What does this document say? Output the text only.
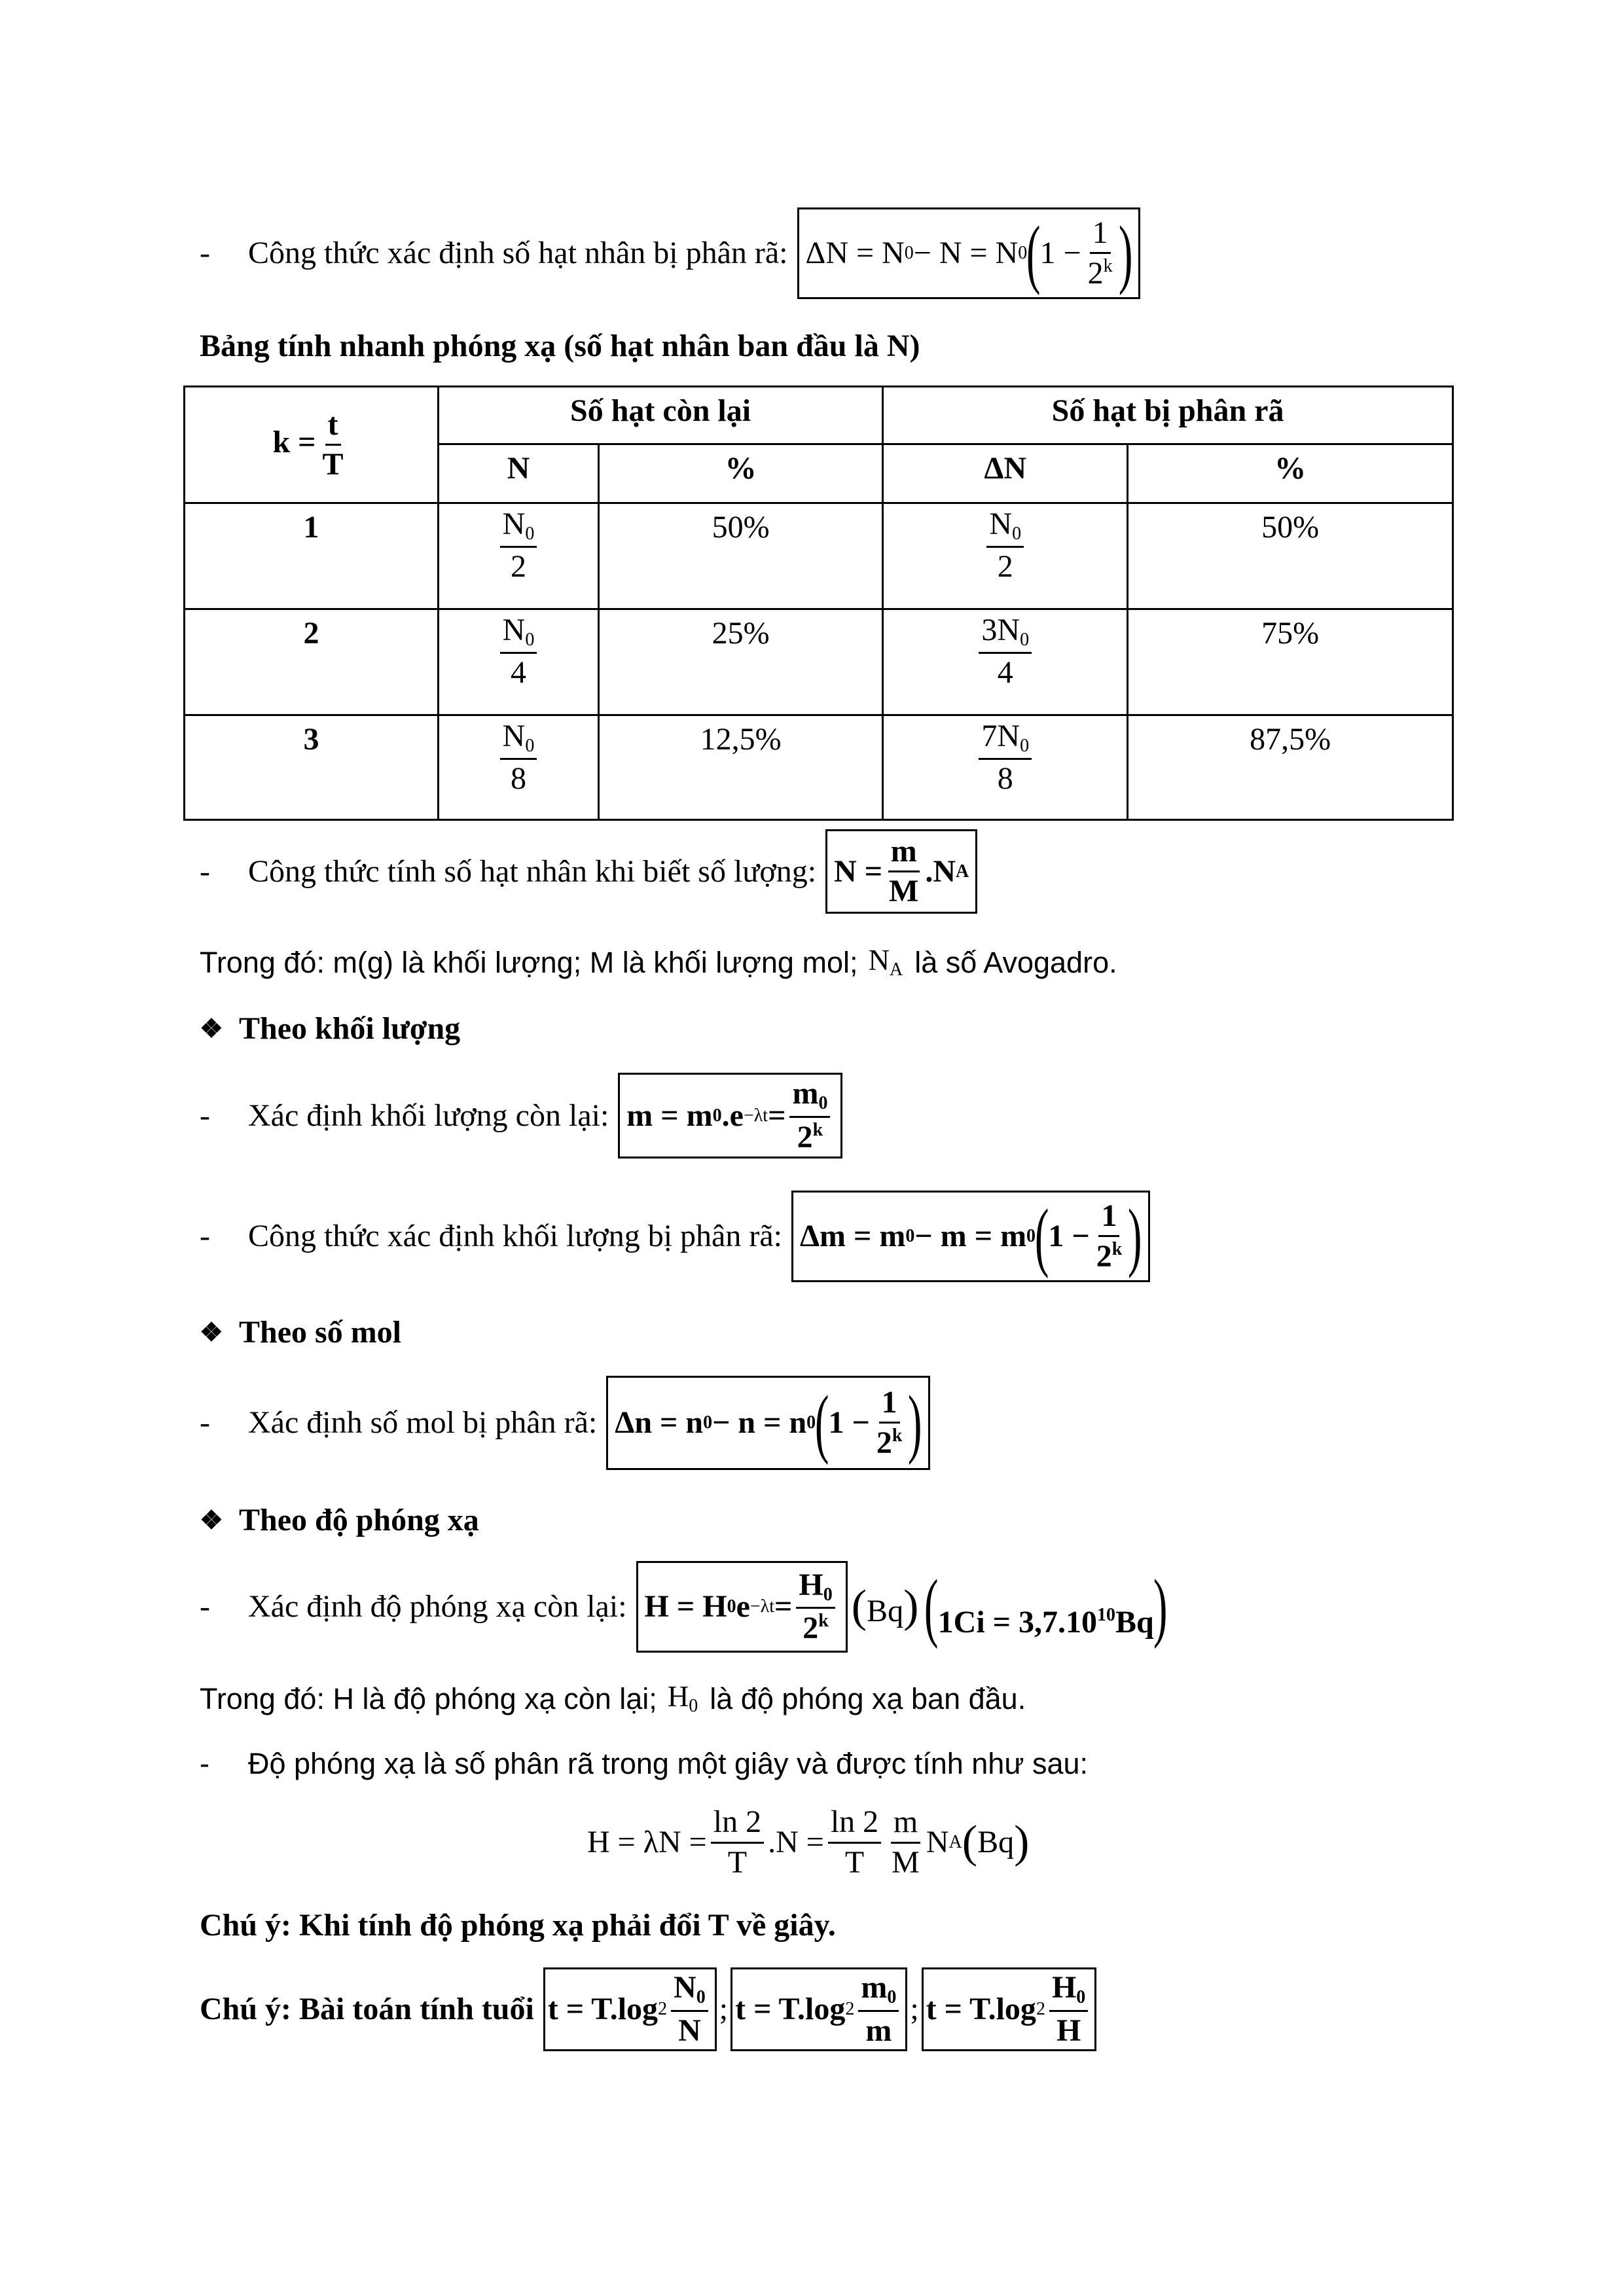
-	Công thức xác định số hạt nhân bị phân rã: ΔN = N 0 − N = N 0
(
$1 - \frac{1}{2^k}$ )
Bảng tính nhanh phóng xạ (số hạt nhân ban đầu là N)
$k = \frac{t}{T}$	Số hạt còn lại		Số hạt bị phân rã	
	N	%	ΔN	%
1	$\frac{N_0}{2}$	50%	$\frac{N_0}{2}$	50%
2	$\frac{N_0}{4}$	25%	$\frac{3N_0}{4}$	75%
3	$\frac{N_0}{8}$	12,5%	$\frac{7N_0}{8}$	87,5%
-	Công thức tính số hạt nhân khi biết số lượng: $N = \frac{m}{M} .N$ A
Trong đó: m(g) là khối lượng; M là khối lượng mol; $N_A$ là số Avogadro.
❖ Theo khối lượng
-	Xác định khối lượng còn lại: m = m 0 $.e -\lambda t = \frac{m_0}{2^k}$
-	Công thức xác định khối lượng bị phân rã: Δm = m 0 − m = m 0
(
$1 - \frac{1}{2^k}$ )
❖ Theo số mol
-	Xác định số mol bị phân rã: Δn = n 0 − n = n 0
(
$1 - \frac{1}{2^k}$ )
❖ Theo độ phóng xạ
-	Xác định độ phóng xạ còn lại: H = H 0 $e -\lambda t = \frac{H_0}{2^k} (Bq) (1Ci = 3,7.10^{10}Bq)$
Trong đó: H là độ phóng xạ còn lại; $H_0$ là độ phóng xạ ban đầu.
-	Độ phóng xạ là số phân rã trong một giây và được tính như sau:
$H = \lambda N = \frac{\ln 2}{T} .N = \frac{\ln 2}{T} \frac{m}{M}$ N A ( Bq )
Chú ý: Khi tính độ phóng xạ phải đổi T về giây.
Chú ý: Bài toán tính tuổi t = T.log $2 \frac{N_0}{N}$ ; t = T.log $2 \frac{m_0}{m}$ ; t = T.log $2 \frac{H_0}{H}$
